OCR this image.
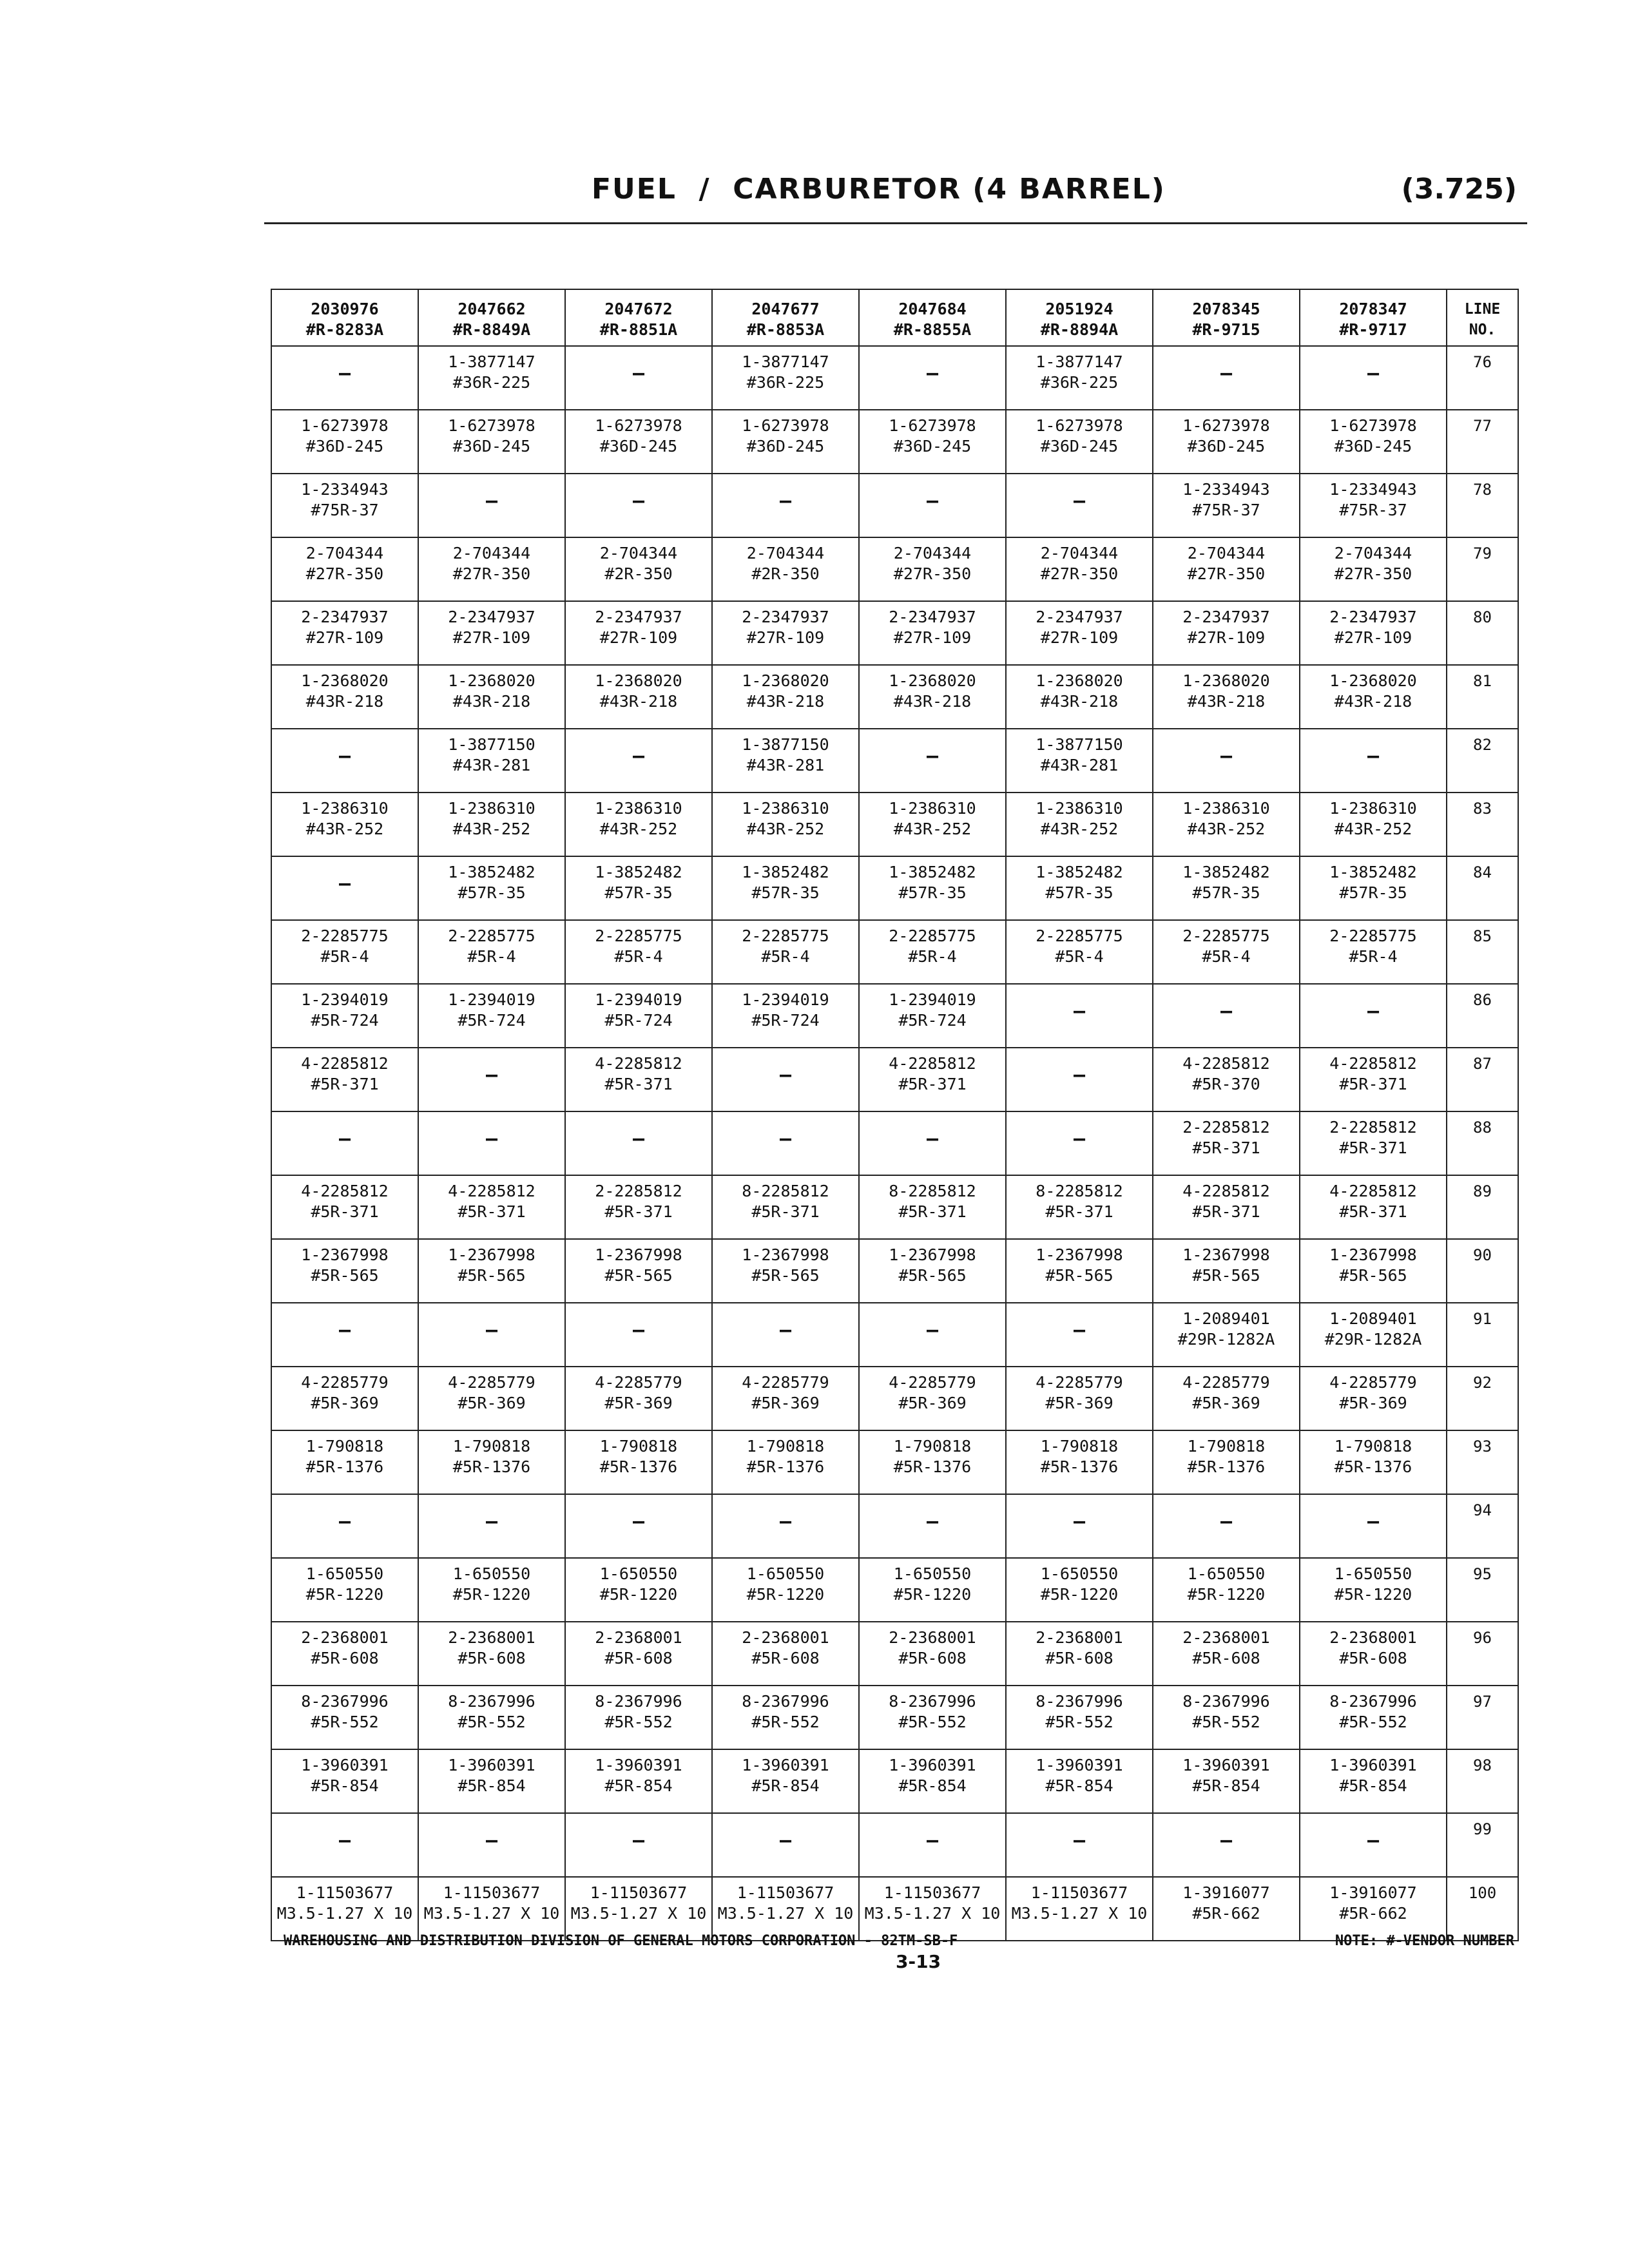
FUEL  /  CARBURETOR (4 BARREL)	(3.725)
2030976
#R-8283A	2047662
#R-8849A	2047672
#R-8851A	2047677
#R-8853A	2047684
#R-8855A	2051924
#R-8894A	2078345
#R-9715	2078347
#R-9717	LINE
NO.

—	1-3877147
#36R-225	—	1-3877147
#36R-225	—	1-3877147
#36R-225	—	—	76

1-6273978
#36D-245	1-6273978
#36D-245	1-6273978
#36D-245	1-6273978
#36D-245	1-6273978
#36D-245	1-6273978
#36D-245	1-6273978
#36D-245	1-6273978
#36D-245	77

1-2334943
#75R-37	—	—	—	—	—	1-2334943
#75R-37	1-2334943
#75R-37	78

2-704344
#27R-350	2-704344
#27R-350	2-704344
#2R-350	2-704344
#2R-350	2-704344
#27R-350	2-704344
#27R-350	2-704344
#27R-350	2-704344
#27R-350	79

2-2347937
#27R-109	2-2347937
#27R-109	2-2347937
#27R-109	2-2347937
#27R-109	2-2347937
#27R-109	2-2347937
#27R-109	2-2347937
#27R-109	2-2347937
#27R-109	80

1-2368020
#43R-218	1-2368020
#43R-218	1-2368020
#43R-218	1-2368020
#43R-218	1-2368020
#43R-218	1-2368020
#43R-218	1-2368020
#43R-218	1-2368020
#43R-218	81

—	1-3877150
#43R-281	—	1-3877150
#43R-281	—	1-3877150
#43R-281	—	—	82

1-2386310
#43R-252	1-2386310
#43R-252	1-2386310
#43R-252	1-2386310
#43R-252	1-2386310
#43R-252	1-2386310
#43R-252	1-2386310
#43R-252	1-2386310
#43R-252	83

—	1-3852482
#57R-35	1-3852482
#57R-35	1-3852482
#57R-35	1-3852482
#57R-35	1-3852482
#57R-35	1-3852482
#57R-35	1-3852482
#57R-35	84

2-2285775
#5R-4	2-2285775
#5R-4	2-2285775
#5R-4	2-2285775
#5R-4	2-2285775
#5R-4	2-2285775
#5R-4	2-2285775
#5R-4	2-2285775
#5R-4	85

1-2394019
#5R-724	1-2394019
#5R-724	1-2394019
#5R-724	1-2394019
#5R-724	1-2394019
#5R-724	—	—	—	86

4-2285812
#5R-371	—	4-2285812
#5R-371	—	4-2285812
#5R-371	—	4-2285812
#5R-370	4-2285812
#5R-371	87

—	—	—	—	—	—	2-2285812
#5R-371	2-2285812
#5R-371	88

4-2285812
#5R-371	4-2285812
#5R-371	2-2285812
#5R-371	8-2285812
#5R-371	8-2285812
#5R-371	8-2285812
#5R-371	4-2285812
#5R-371	4-2285812
#5R-371	89

1-2367998
#5R-565	1-2367998
#5R-565	1-2367998
#5R-565	1-2367998
#5R-565	1-2367998
#5R-565	1-2367998
#5R-565	1-2367998
#5R-565	1-2367998
#5R-565	90

—	—	—	—	—	—	1-2089401
#29R-1282A	1-2089401
#29R-1282A	91

4-2285779
#5R-369	4-2285779
#5R-369	4-2285779
#5R-369	4-2285779
#5R-369	4-2285779
#5R-369	4-2285779
#5R-369	4-2285779
#5R-369	4-2285779
#5R-369	92

1-790818
#5R-1376	1-790818
#5R-1376	1-790818
#5R-1376	1-790818
#5R-1376	1-790818
#5R-1376	1-790818
#5R-1376	1-790818
#5R-1376	1-790818
#5R-1376	93

—	—	—	—	—	—	—	—	94

1-650550
#5R-1220	1-650550
#5R-1220	1-650550
#5R-1220	1-650550
#5R-1220	1-650550
#5R-1220	1-650550
#5R-1220	1-650550
#5R-1220	1-650550
#5R-1220	95

2-2368001
#5R-608	2-2368001
#5R-608	2-2368001
#5R-608	2-2368001
#5R-608	2-2368001
#5R-608	2-2368001
#5R-608	2-2368001
#5R-608	2-2368001
#5R-608	96

8-2367996
#5R-552	8-2367996
#5R-552	8-2367996
#5R-552	8-2367996
#5R-552	8-2367996
#5R-552	8-2367996
#5R-552	8-2367996
#5R-552	8-2367996
#5R-552	97

1-3960391
#5R-854	1-3960391
#5R-854	1-3960391
#5R-854	1-3960391
#5R-854	1-3960391
#5R-854	1-3960391
#5R-854	1-3960391
#5R-854	1-3960391
#5R-854	98

—	—	—	—	—	—	—	—	99

1-11503677
M3.5-1.27 X 10	1-11503677
M3.5-1.27 X 10	1-11503677
M3.5-1.27 X 10	1-11503677
M3.5-1.27 X 10	1-11503677
M3.5-1.27 X 10	1-11503677
M3.5-1.27 X 10	1-3916077
#5R-662	1-3916077
#5R-662	100
WAREHOUSING AND DISTRIBUTION DIVISION OF GENERAL MOTORS CORPORATION - 82TM-SB-F	NOTE: #-VENDOR NUMBER
3-13
